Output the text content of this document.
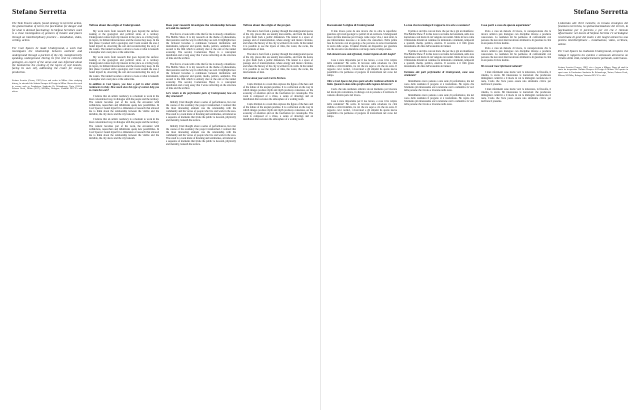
Stefano Serretta	Stefano Serretta

The Twin Towers attack, found strategy in terrorist action, the glamorisation of terror, the fascination for danger and for what is deemed fascinating: In Stefano Serretta's work is a close investigation of gestures of theatre and places through an interdisciplinary practice – installation, video, writing, action.

For Cool Spaces he made Underground, a work that investigates the relationship between aesthetic and underground through a portrait of the city, metaphorically speaking, underground. During its first visit he collected geologist, an expert of the areas and was informed about the backstories the cooling of the layers of soil tunnels, facing its own self, addressing the crater for energy production.

Stefano Serretta (Genoa, 1987) lives and works in Milan. After studying history, he attended the Istituto Europeo di Design in Milan. Shown his work in venues such as Fondazione Sandretto Re Rebaudengo, Turin (2016); Palazzo Reale, Milan (2017); MAMbo, Bologna; Viafarini DOCVA and others.

Tell me about the origin of Underground.

My work starts from research that goes beyond the surface: looking at the geological and political strata of a territory. Underground comes from my interest in the place as a living body, its layers, its hidden infrastructures and the stories they keep. In the first phase I worked with a geologist, and I went around the area I found myself in, observing the soil and reconstructing the story of the waters. The tunnel becomes a device to look at what is beneath: a metaphor and a real place at the same time.

My work starts from research that goes beyond the surface: looking at the geological and political strata of a territory. Underground comes from my interest in the place as a living body, its layers, its hidden infrastructures and the stories they keep. In the first phase I worked with a geologist, and I went around the area I found myself in, observing the soil and reconstructing the story of the waters. The tunnel becomes a device to look at what is beneath: a metaphor and a real place at the same time.

In addition to Cool Spaces, you have a part in other artistic residencies in Italy. How much does this type of context help you to create the work?

I believe that an artistic residency is a moment to work in the most concentrated way, in dialogue with the people and the territory. The context becomes part of the work, the encounter with technicians, researchers and inhabitants opens new possibilities. In Cool Spaces I found myself in a dimension of research that allowed me to think about the relationship between the visible and the invisible, the city above and the city beneath.

I believe that an artistic residency is a moment to work in the most concentrated way, in dialogue with the people and the territory. The context becomes part of the work, the encounter with technicians, researchers and inhabitants opens new possibilities. In Cool Spaces I found myself in a dimension of research that allowed me to think about the relationship between the visible and the invisible, the city above and the city beneath.

Does your research investigate the relationship between art and its context?

The first is a book with a title that for me is already a manifesto: The Bubble Show. It is my research on the theme of phenomena, their narrative and the way in which they are told. It highlights how the fictional becomes a continuous between institutions and instruments, temporal and spatial, media, politics, aesthetics. The second is the film which is entirely shot at the end of the tunnel economy. The second, Cornerstone Head, is a conceptual installation and a long essay that I wrote reflecting on the structure of time and the archive.

The first is a book with a title that for me is already a manifesto: The Bubble Show. It is my research on the theme of phenomena, their narrative and the way in which they are told. It highlights how the fictional becomes a continuous between institutions and instruments, temporal and spatial, media, politics, aesthetics. The second is the film which is entirely shot at the end of the tunnel economy. The second, Cornerstone Head, is a conceptual installation and a long essay that I wrote reflecting on the structure of time and the archive.

Let's return to the performative parts of Underground, how are they structured?

Initially I had thought about a series of performances, but over the course of the residency the project transformed. I realised that the most interesting element was the relationship with the community and the voices of people who live and work in the area. The result is a work made of listening and testimonies, articulated as a sequence of moments that invite the public to descend, physically and mentally, beneath the surface.

Initially I had thought about a series of performances, but over the course of the residency the project transformed. I realised that the most interesting element was the relationship with the community and the voices of people who live and work in the area. The result is a work made of listening and testimonies, articulated as a sequence of moments that invite the public to descend, physically and mentally, beneath the surface.

Tell me about the origin of the project.

The idea is born from a journey through the underground spaces of the city, places that are usually inaccessible, and from the desire to give them back a public dimension. The tunnel is a space of passage and of transformation, where energy and matter circulate, and where the history of the city is written in its walls. In the tunnel it is possible to see the layers of time, the water, the rocks, the interventions of man.

The idea is born from a journey through the underground spaces of the city, places that are usually inaccessible, and from the desire to give them back a public dimension. The tunnel is a space of passage and of transformation, where energy and matter circulate, and where the history of the city is written in its walls. In the tunnel it is possible to see the layers of time, the water, the rocks, the interventions of man.

Tell me about your work Carrie Pershon.

Carrie Pershon is a work that explores the figure of the hero and of the failure of the utopian promise. It is a reflection on the way in which images produce myth and myth produces consensus, on the economy of attention and on the fascination for catastrophe. The work is composed of a video, a series of drawings and an installation that recreates the atmosphere of a waiting room.

Carrie Pershon is a work that explores the figure of the hero and of the failure of the utopian promise. It is a reflection on the way in which images produce myth and myth produces consensus, on the economy of attention and on the fascination for catastrophe. The work is composed of a video, a series of drawings and an installation that recreates the atmosphere of a waiting room.

Raccontami l'origine di Underground

Il mio lavoro parte da una ricerca che va oltre la superficie: guardare agli strati geologici e politici di un territorio. Underground nasce dal mio interesse per il luogo come corpo vivo, i suoi strati, le sue infrastrutture nascoste e le storie che custodisce. Nella prima fase ho lavorato con un geologo e ho percorso la zona ricostruendo la storia delle acque. Il tunnel diventa un dispositivo per guardare ciò che sta sotto: una metafora e un luogo reale al tempo stesso.

Tali elementi sono stati affrontati, rivelati rispetto ad altri luoghi?

Cosa è stato importante per il tuo lavoro, e cosa ti ha colpito della residenza? Ho scelto di lavorare sulla relazione tra città visibile e città invisibile, tra ciò che sta sopra e ciò che sta sotto. Il rapporto con i tecnici, i ricercatori e gli abitanti ha aperto nuove possibilità e ha permesso al progetto di trasformarsi nel corso del tempo.

Oltre a Cool Spaces hai preso parte ad altre residenze artistiche in Italia. Quanto ti aiuta nella specifica della ragione del lavoro?

Credo che una residenza artistica sia un momento per lavorare nel modo più concentrato, in dialogo con le persone e il territorio. Il contesto diventa parte del lavoro.

Cosa è stato importante per il tuo lavoro, e cosa ti ha colpito della residenza? Ho scelto di lavorare sulla relazione tra città visibile e città invisibile, tra ciò che sta sopra e ciò che sta sotto. Il rapporto con i tecnici, i ricercatori e gli abitanti ha aperto nuove possibilità e ha permesso al progetto di trasformarsi nel corso del tempo.

La tua ricerca indaga il rapporto tra arte e contesto?

Il primo è un libro con un titolo che per me è già un manifesto: The Bubble Show. È la mia ricerca sul tema dei fenomeni, sulla loro narrazione e sul modo in cui vengono raccontati. Mette in luce come il finzionale diventi un continuo tra istituzioni e strumenti, temporali e spaziali, media, politica, estetica. Il secondo è il film girato interamente alla fine dell'economia del tunnel.

Il primo è un libro con un titolo che per me è già un manifesto: The Bubble Show. È la mia ricerca sul tema dei fenomeni, sulla loro narrazione e sul modo in cui vengono raccontati. Mette in luce come il finzionale diventi un continuo tra istituzioni e strumenti, temporali e spaziali, media, politica, estetica. Il secondo è il film girato interamente alla fine dell'economia del tunnel.

Torniamo alle parti performative di Underground, come sono strutturate?

Inizialmente avevo pensato a una serie di performance, ma nel corso della residenza il progetto si è trasformato. Ho capito che l'elemento più interessante era la relazione con la comunità e le voci delle persone che vivono e lavorano nella zona.

Inizialmente avevo pensato a una serie di performance, ma nel corso della residenza il progetto si è trasformato. Ho capito che l'elemento più interessante era la relazione con la comunità e le voci delle persone che vivono e lavorano nella zona.

Cosa porti a casa da questa esperienza?

Porto a casa un metodo di lavoro, la consapevolezza che la ricerca artistica può dialogare con discipline diverse e produrre conoscenza. La residenza mi ha permesso di confrontarmi con persone che non avrei mai incontrato altrimenti e di guardare la città da un punto di vista inedito.

Porto a casa un metodo di lavoro, la consapevolezza che la ricerca artistica può dialogare con discipline diverse e produrre conoscenza. La residenza mi ha permesso di confrontarmi con persone che non avrei mai incontrato altrimenti e di guardare la città da un punto di vista inedito.

Mi racconti i tuoi riferimenti culturali?

I miei riferimenti sono molto vari: la letteratura, la filosofia, il cinema, la storia. Mi interessano le narrazioni che producono immaginari collettivi e il modo in cui le immagini costruiscono il reale. Credo che l'arte possa essere uno strumento critico per decifrare il presente.

I miei riferimenti sono molto vari: la letteratura, la filosofia, il cinema, la storia. Mi interessano le narrazioni che producono immaginari collettivi e il modo in cui le immagini costruiscono il reale. Credo che l'arte possa essere uno strumento critico per decifrare il presente.

L'attentato alle Torri Gemelle, la trovata strategica del fenomeno terrorista, la spettacolarizzazione del terrore, la fascinazione per il pericolo e per ciò che è ritenuto affascinante: nel lavoro di Stefano Serretta c'è un'indagine ravvicinata di gesti del teatro e dei luoghi attraverso una pratica interdisciplinare – installazione, video, scrittura, azione.

Per Cool Spaces ha realizzato Underground, un'opera che indaga il rapporto tra estetica e sottosuolo attraverso un ritratto della città, metaforicamente parlando, sotterranea.

Stefano Serretta (Genova, 1987) vive e lavora a Milano. Dopo gli studi in storia ha frequentato l'Istituto Europeo di Design di Milano. Ha esposto in spazi come la Fondazione Sandretto Re Rebaudengo, Torino; Palazzo Reale, Milano; MAMbo, Bologna; Viafarini DOCVA e altri.
